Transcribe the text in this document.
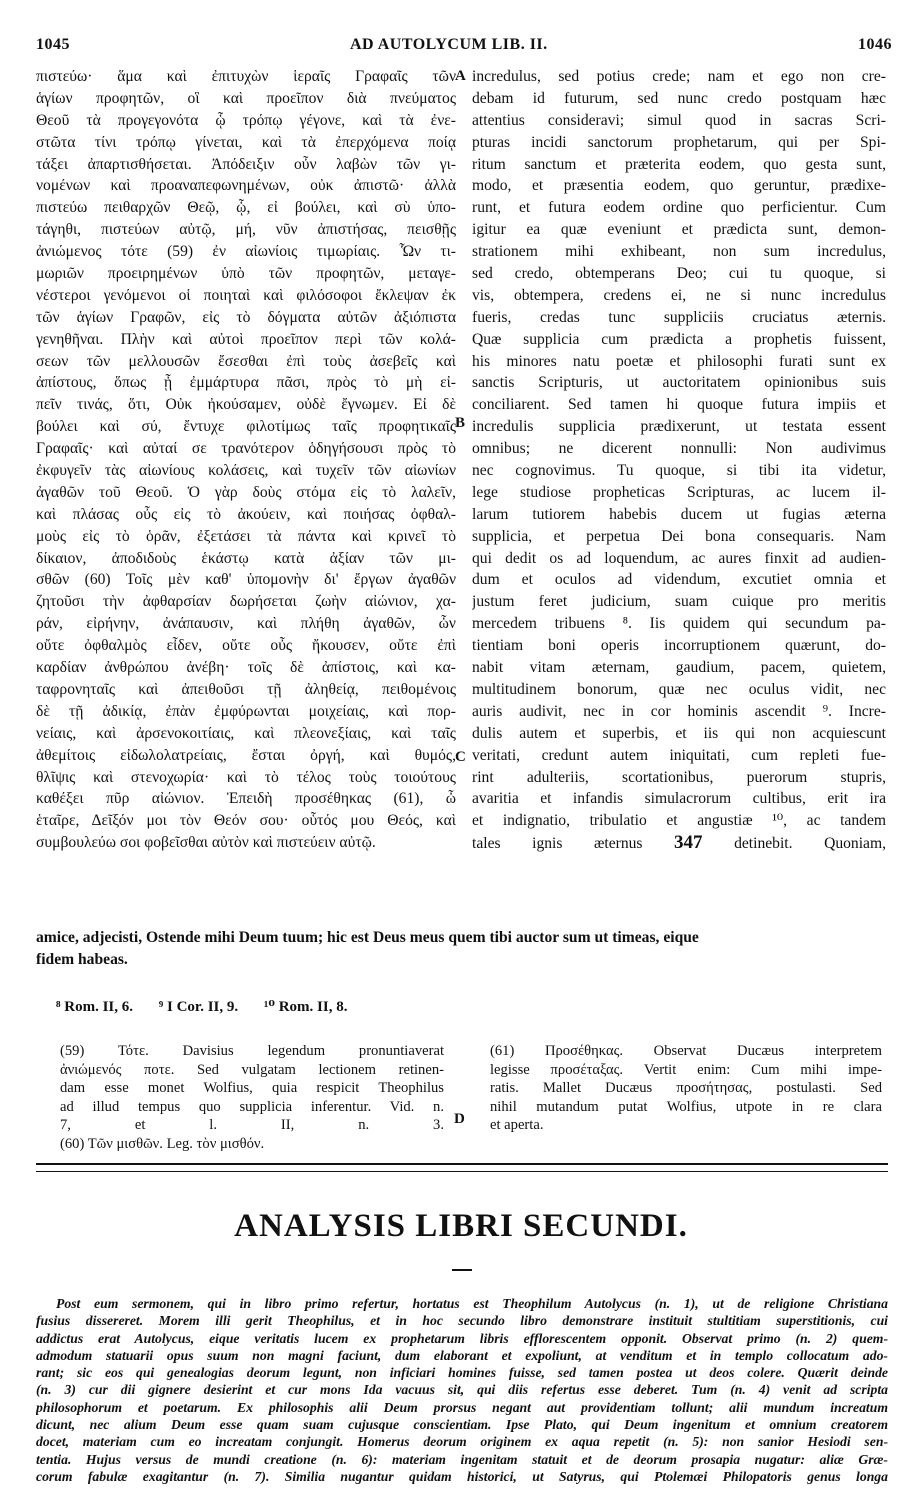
1045	AD AUTOLYCUM LIB. II.	1046
πιστεύω· ἅμα καὶ ἐπιτυχὼν ἱεραῖς Γραφαῖς τῶν
ἁγίων προφητῶν, οἳ καὶ προεῖπον διὰ πνεύματος
Θεοῦ τὰ προγεγονότα ᾧ τρόπῳ γέγονε, καὶ τὰ ἐνε-
στῶτα τίνι τρόπῳ γίνεται, καὶ τὰ ἐπερχόμενα ποίᾳ
τάξει ἀπαρτισθήσεται. Ἀπόδειξιν οὖν λαβὼν τῶν γι-
νομένων καὶ προαναπεφωνημένων, οὐκ ἀπιστῶ· ἀλλὰ
πιστεύω πειθαρχῶν Θεῷ, ᾧ, εἰ βούλει, καὶ σὺ ὑπο-
τάγηθι, πιστεύων αὐτῷ, μή, νῦν ἀπιστήσας, πεισθῇς
ἀνιώμενος τότε (59) ἐν αἰωνίοις τιμωρίαις. Ὧν τι-
μωριῶν προειρημένων ὑπὸ τῶν προφητῶν, μεταγε-
νέστεροι γενόμενοι οἱ ποιηταὶ καὶ φιλόσοφοι ἔκλεψαν ἐκ
τῶν ἁγίων Γραφῶν, εἰς τὸ δόγματα αὐτῶν ἀξιόπιστα
γενηθῆναι. Πλὴν καὶ αὐτοὶ προεῖπον περὶ τῶν κολά-
σεων τῶν μελλουσῶν ἔσεσθαι ἐπὶ τοὺς ἀσεβεῖς καὶ
ἀπίστους, ὅπως ᾖ ἐμμάρτυρα πᾶσι, πρὸς τὸ μὴ εἰ-
πεῖν τινάς, ὅτι, Οὐκ ἠκούσαμεν, οὐδὲ ἔγνωμεν. Εἰ δὲ
βούλει καὶ σύ, ἔντυχε φιλοτίμως ταῖς προφητικαῖς
Γραφαῖς· καὶ αὐταί σε τρανότερον ὁδηγήσουσι πρὸς τὸ
ἐκφυγεῖν τὰς αἰωνίους κολάσεις, καὶ τυχεῖν τῶν αἰωνίων
ἀγαθῶν τοῦ Θεοῦ. Ὁ γὰρ δοὺς στόμα εἰς τὸ λαλεῖν,
καὶ πλάσας οὖς εἰς τὸ ἀκούειν, καὶ ποιήσας ὀφθαλ-
μοὺς εἰς τὸ ὁρᾶν, ἐξετάσει τὰ πάντα καὶ κρινεῖ τὸ
δίκαιον, ἀποδιδοὺς ἑκάστῳ κατὰ ἀξίαν τῶν μι-
σθῶν (60) Τοῖς μὲν καθ' ὑπομονὴν δι' ἔργων ἀγαθῶν
ζητοῦσι τὴν ἀφθαρσίαν δωρήσεται ζωὴν αἰώνιον, χα-
ράν, εἰρήνην, ἀνάπαυσιν, καὶ πλήθη ἀγαθῶν, ὧν
οὔτε ὀφθαλμὸς εἶδεν, οὔτε οὖς ἤκουσεν, οὔτε ἐπὶ
καρδίαν ἀνθρώπου ἀνέβη· τοῖς δὲ ἀπίστοις, καὶ κα-
ταφρονηταῖς καὶ ἀπειθοῦσι τῇ ἀληθείᾳ, πειθομένοις
δὲ τῇ ἀδικίᾳ, ἐπὰν ἐμφύρωνται μοιχείαις, καὶ πορ-
νείαις, καὶ ἀρσενοκοιτίαις, καὶ πλεονεξίαις, καὶ ταῖς
ἀθεμίτοις εἰδωλολατρείαις, ἔσται ὀργή, καὶ θυμός,
θλῖψις καὶ στενοχωρία· καὶ τὸ τέλος τοὺς τοιούτους
καθέξει πῦρ αἰώνιον. Ἐπειδὴ προσέθηκας (61), ὦ
ἑταῖρε, Δεῖξόν μοι τὸν Θεόν σου· οὗτός μου Θεός, καὶ
συμβουλεύω σοι φοβεῖσθαι αὐτὸν καὶ πιστεύειν αὐτῷ.
A
B
C
D
incredulus, sed potius crede; nam et ego non cre-
debam id futurum, sed nunc credo postquam hæc
attentius consideravi; simul quod in sacras Scri-
pturas incidi sanctorum prophetarum, qui per Spi-
ritum sanctum et præterita eodem, quo gesta sunt,
modo, et præsentia eodem, quo geruntur, prædixe-
runt, et futura eodem ordine quo perficientur. Cum
igitur ea quæ eveniunt et prædicta sunt, demon-
strationem mihi exhibeant, non sum incredulus,
sed credo, obtemperans Deo; cui tu quoque, si
vis, obtempera, credens ei, ne si nunc incredulus
fueris, credas tunc suppliciis cruciatus æternis.
Quæ supplicia cum prædicta a prophetis fuissent,
his minores natu poetæ et philosophi furati sunt ex
sanctis Scripturis, ut auctoritatem opinionibus suis
conciliarent. Sed tamen hi quoque futura impiis et
incredulis supplicia prædixerunt, ut testata essent
omnibus; ne dicerent nonnulli: Non audivimus
nec cognovimus. Tu quoque, si tibi ita videtur,
lege studiose propheticas Scripturas, ac lucem il-
larum tutiorem habebis ducem ut fugias æterna
supplicia, et perpetua Dei bona consequaris. Nam
qui dedit os ad loquendum, ac aures finxit ad audien-
dum et oculos ad videndum, excutiet omnia et
justum feret judicium, suam cuique pro meritis
mercedem tribuens ⁸. Iis quidem qui secundum pa-
tientiam boni operis incorruptionem quærunt, do-
nabit vitam æternam, gaudium, pacem, quietem,
multitudinem bonorum, quæ nec oculus vidit, nec
auris audivit, nec in cor hominis ascendit ⁹. Incre-
dulis autem et superbis, et iis qui non acquiescunt
veritati, credunt autem iniquitati, cum repleti fue-
rint adulteriis, scortationibus, puerorum stupris,
avaritia et infandis simulacrorum cultibus, erit ira
et indignatio, tribulatio et angustiæ ¹⁰, ac tandem
tales ignis æternus 347 detinebit. Quoniam,
amice, adjecisti, Ostende mihi Deum tuum; hic est Deus meus quem tibi auctor sum ut timeas, eique
fidem habeas.
⁸ Rom. II, 6. ⁹ I Cor. II, 9. ¹⁰ Rom. II, 8.
(59) Τότε. Davisius legendum pronuntiaverat
ἀνιώμενός ποτε. Sed vulgatam lectionem retinen-
dam esse monet Wolfius, quia respicit Theophilus
ad illud tempus quo supplicia inferentur. Vid. n.
7, et l. II, n. 3.
(60) Τῶν μισθῶν. Leg. τὸν μισθόν.
(61) Προσέθηκας. Observat Ducæus interpretem
legisse προσέταξας. Vertit enim: Cum mihi impe-
ratis. Mallet Ducæus προσήτησας, postulasti. Sed
nihil mutandum putat Wolfius, utpote in re clara
et aperta.
ANALYSIS LIBRI SECUNDI.
Post eum sermonem, qui in libro primo refertur, hortatus est Theophilum Autolycus (n. 1), ut de religione Christiana
fusius dissereret. Morem illi gerit Theophilus, et in hoc secundo libro demonstrare instituit stultitiam superstitionis, cui
addictus erat Autolycus, eique veritatis lucem ex prophetarum libris efflorescentem opponit. Observat primo (n. 2) quem-
admodum statuarii opus suum non magni faciunt, dum elaborant et expoliunt, at venditum et in templo collocatum ado-
rant; sic eos qui genealogias deorum legunt, non inficiari homines fuisse, sed tamen postea ut deos colere. Quærit deinde
(n. 3) cur dii gignere desierint et cur mons Ida vacuus sit, qui diis refertus esse deberet. Tum (n. 4) venit ad scripta
philosophorum et poetarum. Ex philosophis alii Deum prorsus negant aut providentiam tollunt; alii mundum increatum
dicunt, nec alium Deum esse quam suam cujusque conscientiam. Ipse Plato, qui Deum ingenitum et omnium creatorem
docet, materiam cum eo increatam conjungit. Homerus deorum originem ex aqua repetit (n. 5): non sanior Hesiodi sen-
tentia. Hujus versus de mundi creatione (n. 6): materiam ingenitam statuit et de deorum prosapia nugatur: aliæ Græ-
corum fabulæ exagitantur (n. 7). Similia nugantur quidam historici, ut Satyrus, qui Ptolemæi Philopatoris genus longa
